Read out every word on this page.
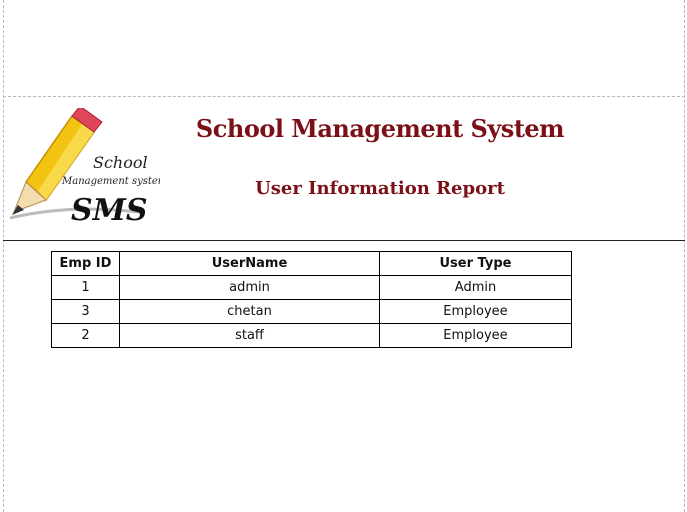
School
Management system
SMS
School Management System
User Information Report
Emp ID	UserName	User Type
1	admin	Admin
3	chetan	Employee
2	staff	Employee
